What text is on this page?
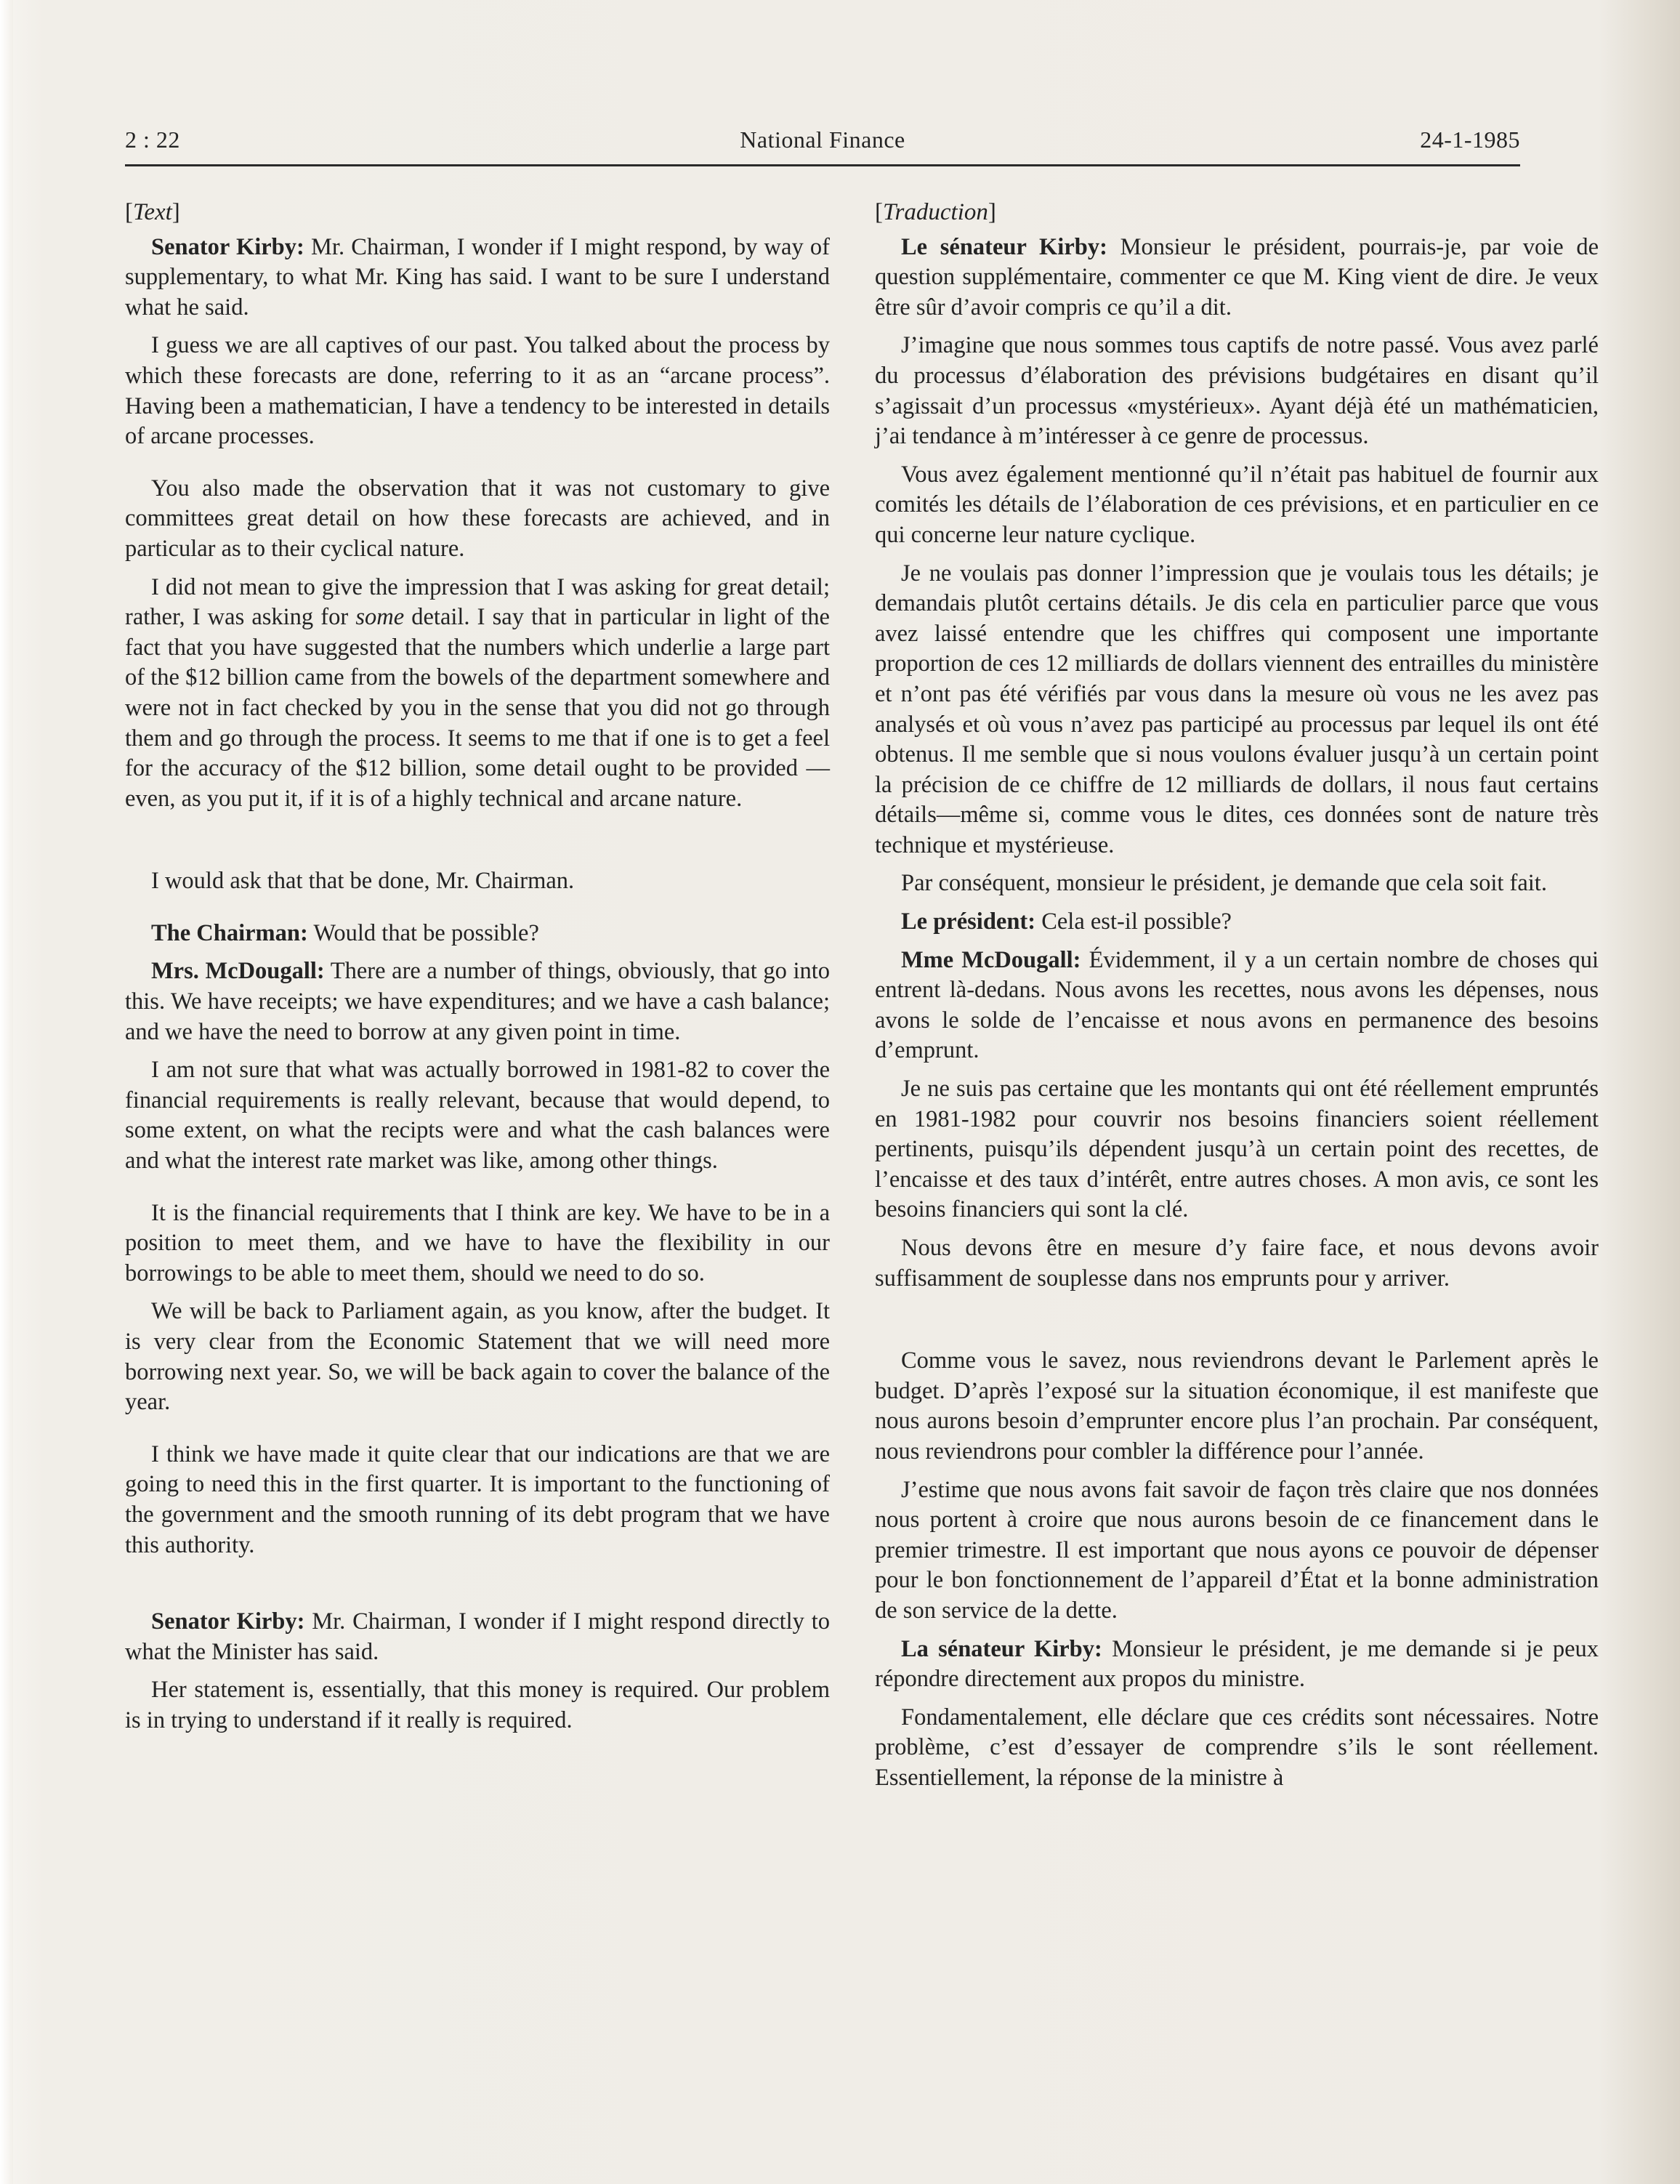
2 : 22	National Finance	24-1-1985

[Text]

Senator Kirby: Mr. Chairman, I wonder if I might respond, by way of supplementary, to what Mr. King has said. I want to be sure I understand what he said.

I guess we are all captives of our past. You talked about the process by which these forecasts are done, referring to it as an “arcane process”. Having been a mathematician, I have a tendency to be interested in details of arcane processes.

You also made the observation that it was not customary to give committees great detail on how these forecasts are achieved, and in particular as to their cyclical nature.

I did not mean to give the impression that I was asking for great detail; rather, I was asking for some detail. I say that in particular in light of the fact that you have suggested that the numbers which underlie a large part of the $12 billion came from the bowels of the department somewhere and were not in fact checked by you in the sense that you did not go through them and go through the process. It seems to me that if one is to get a feel for the accuracy of the $12 billion, some detail ought to be provided — even, as you put it, if it is of a highly technical and arcane nature.

I would ask that that be done, Mr. Chairman.

The Chairman: Would that be possible?

Mrs. McDougall: There are a number of things, obviously, that go into this. We have receipts; we have expenditures; and we have a cash balance; and we have the need to borrow at any given point in time.

I am not sure that what was actually borrowed in 1981-82 to cover the financial requirements is really relevant, because that would depend, to some extent, on what the recipts were and what the cash balances were and what the interest rate market was like, among other things.

It is the financial requirements that I think are key. We have to be in a position to meet them, and we have to have the flexibility in our borrowings to be able to meet them, should we need to do so.

We will be back to Parliament again, as you know, after the budget. It is very clear from the Economic Statement that we will need more borrowing next year. So, we will be back again to cover the balance of the year.

I think we have made it quite clear that our indications are that we are going to need this in the first quarter. It is important to the functioning of the government and the smooth running of its debt program that we have this authority.

Senator Kirby: Mr. Chairman, I wonder if I might respond directly to what the Minister has said.

Her statement is, essentially, that this money is required. Our problem is in trying to understand if it really is required.

[Traduction]

Le sénateur Kirby: Monsieur le président, pourrais-je, par voie de question supplémentaire, commenter ce que M. King vient de dire. Je veux être sûr d’avoir compris ce qu’il a dit.

J’imagine que nous sommes tous captifs de notre passé. Vous avez parlé du processus d’élaboration des prévisions budgétaires en disant qu’il s’agissait d’un processus «mystérieux». Ayant déjà été un mathématicien, j’ai tendance à m’intéresser à ce genre de processus.

Vous avez également mentionné qu’il n’était pas habituel de fournir aux comités les détails de l’élaboration de ces prévisions, et en particulier en ce qui concerne leur nature cyclique.

Je ne voulais pas donner l’impression que je voulais tous les détails; je demandais plutôt certains détails. Je dis cela en particulier parce que vous avez laissé entendre que les chiffres qui composent une importante proportion de ces 12 milliards de dollars viennent des entrailles du ministère et n’ont pas été vérifiés par vous dans la mesure où vous ne les avez pas analysés et où vous n’avez pas participé au processus par lequel ils ont été obtenus. Il me semble que si nous voulons évaluer jusqu’à un certain point la précision de ce chiffre de 12 milliards de dollars, il nous faut certains détails—même si, comme vous le dites, ces données sont de nature très technique et mystérieuse.

Par conséquent, monsieur le président, je demande que cela soit fait.

Le président: Cela est-il possible?

Mme McDougall: Évidemment, il y a un certain nombre de choses qui entrent là-dedans. Nous avons les recettes, nous avons les dépenses, nous avons le solde de l’encaisse et nous avons en permanence des besoins d’emprunt.

Je ne suis pas certaine que les montants qui ont été réellement empruntés en 1981-1982 pour couvrir nos besoins financiers soient réellement pertinents, puisqu’ils dépendent jusqu’à un certain point des recettes, de l’encaisse et des taux d’intérêt, entre autres choses. A mon avis, ce sont les besoins financiers qui sont la clé.

Nous devons être en mesure d’y faire face, et nous devons avoir suffisamment de souplesse dans nos emprunts pour y arriver.

Comme vous le savez, nous reviendrons devant le Parlement après le budget. D’après l’exposé sur la situation économique, il est manifeste que nous aurons besoin d’emprunter encore plus l’an prochain. Par conséquent, nous reviendrons pour combler la différence pour l’année.

J’estime que nous avons fait savoir de façon très claire que nos données nous portent à croire que nous aurons besoin de ce financement dans le premier trimestre. Il est important que nous ayons ce pouvoir de dépenser pour le bon fonctionnement de l’appareil d’État et la bonne administration de son service de la dette.

La sénateur Kirby: Monsieur le président, je me demande si je peux répondre directement aux propos du ministre.

Fondamentalement, elle déclare que ces crédits sont nécessaires. Notre problème, c’est d’essayer de comprendre s’ils le sont réellement. Essentiellement, la réponse de la ministre à
